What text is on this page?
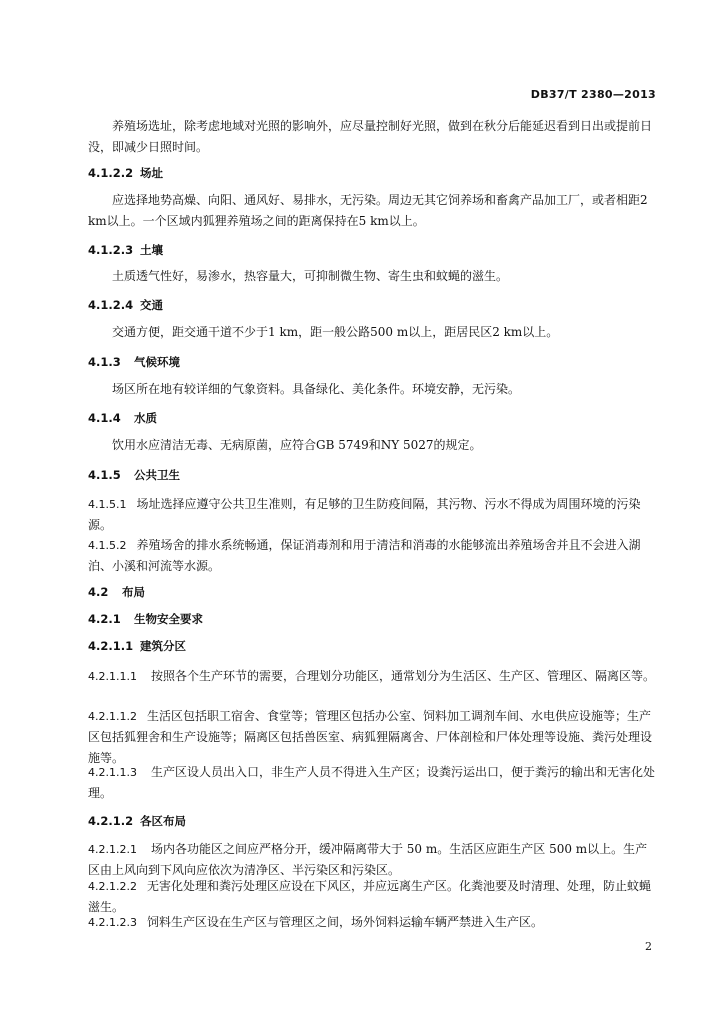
DB37/T 2380—2013
养殖场选址，除考虑地域对光照的影响外，应尽量控制好光照，做到在秋分后能延迟看到日出或提前日没，即减少日照时间。
4.1.2.2 场址
应选择地势高燥、向阳、通风好、易排水，无污染。周边无其它饲养场和畜禽产品加工厂，或者相距2 km以上。一个区域内狐狸养殖场之间的距离保持在5 km以上。
4.1.2.3 土壤
土质透气性好，易渗水，热容量大，可抑制微生物、寄生虫和蚊蝇的滋生。
4.1.2.4 交通
交通方便，距交通干道不少于1 km，距一般公路500 m以上，距居民区2 km以上。
4.1.3 气候环境
场区所在地有较详细的气象资料。具备绿化、美化条件。环境安静，无污染。
4.1.4 水质
饮用水应清洁无毒、无病原菌，应符合GB 5749和NY 5027的规定。
4.1.5 公共卫生
4.1.5.1 场址选择应遵守公共卫生准则，有足够的卫生防疫间隔，其污物、污水不得成为周围环境的污染源。
4.1.5.2 养殖场舍的排水系统畅通，保证消毒剂和用于清洁和消毒的水能够流出养殖场舍并且不会进入湖泊、小溪和河流等水源。
4.2 布局
4.2.1 生物安全要求
4.2.1.1 建筑分区
4.2.1.1.1 按照各个生产环节的需要，合理划分功能区，通常划分为生活区、生产区、管理区、隔离区等。
4.2.1.1.2 生活区包括职工宿舍、食堂等；管理区包括办公室、饲料加工调剂车间、水电供应设施等；生产区包括狐狸舍和生产设施等；隔离区包括兽医室、病狐狸隔离舍、尸体剖检和尸体处理等设施、粪污处理设施等。
4.2.1.1.3 生产区设人员出入口，非生产人员不得进入生产区；设粪污运出口，便于粪污的输出和无害化处理。
4.2.1.2 各区布局
4.2.1.2.1 场内各功能区之间应严格分开，缓冲隔离带大于 50 m。生活区应距生产区 500 m以上。生产区由上风向到下风向应依次为清净区、半污染区和污染区。
4.2.1.2.2 无害化处理和粪污处理区应设在下风区，并应远离生产区。化粪池要及时清理、处理，防止蚊蝇滋生。
4.2.1.2.3 饲料生产区设在生产区与管理区之间，场外饲料运输车辆严禁进入生产区。
2
